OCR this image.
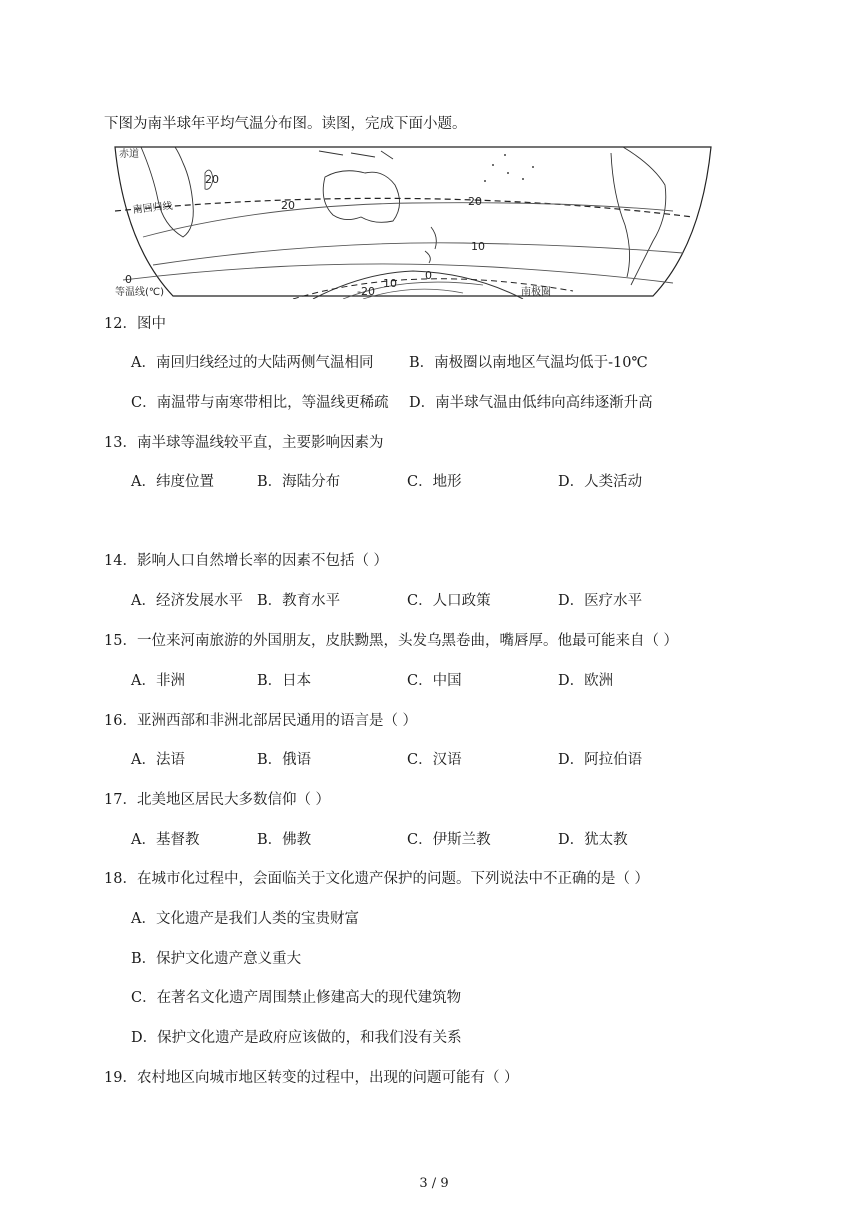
下图为南半球年平均气温分布图。读图，完成下面小题。
赤道
南回归线
等温线(℃)	南极圈
20
20	20
10
0	10
0
-20
12．图中
A．南回归线经过的大陆两侧气温相同 B．南极圈以南地区气温均低于-10℃
C．南温带与南寒带相比，等温线更稀疏 D．南半球气温由低纬向高纬逐渐升高
13．南半球等温线较平直，主要影响因素为
A．纬度位置	B．海陆分布	C．地形	D．人类活动
14．影响人口自然增长率的因素不包括（ ）
A．经济发展水平 B．教育水平	C．人口政策	D．医疗水平
15．一位来河南旅游的外国朋友，皮肤黝黑，头发乌黑卷曲，嘴唇厚。他最可能来自（ ）
A．非洲	B．日本	C．中国	D．欧洲
16．亚洲西部和非洲北部居民通用的语言是（ ）
A．法语	B．俄语	C．汉语	D．阿拉伯语
17．北美地区居民大多数信仰（ ）
A．基督教	B．佛教	C．伊斯兰教	D．犹太教
18．在城市化过程中，会面临关于文化遗产保护的问题。下列说法中不正确的是（ ）
A．文化遗产是我们人类的宝贵财富
B．保护文化遗产意义重大
C．在著名文化遗产周围禁止修建高大的现代建筑物
D．保护文化遗产是政府应该做的，和我们没有关系
19．农村地区向城市地区转变的过程中，出现的问题可能有（ ）
3 / 9
